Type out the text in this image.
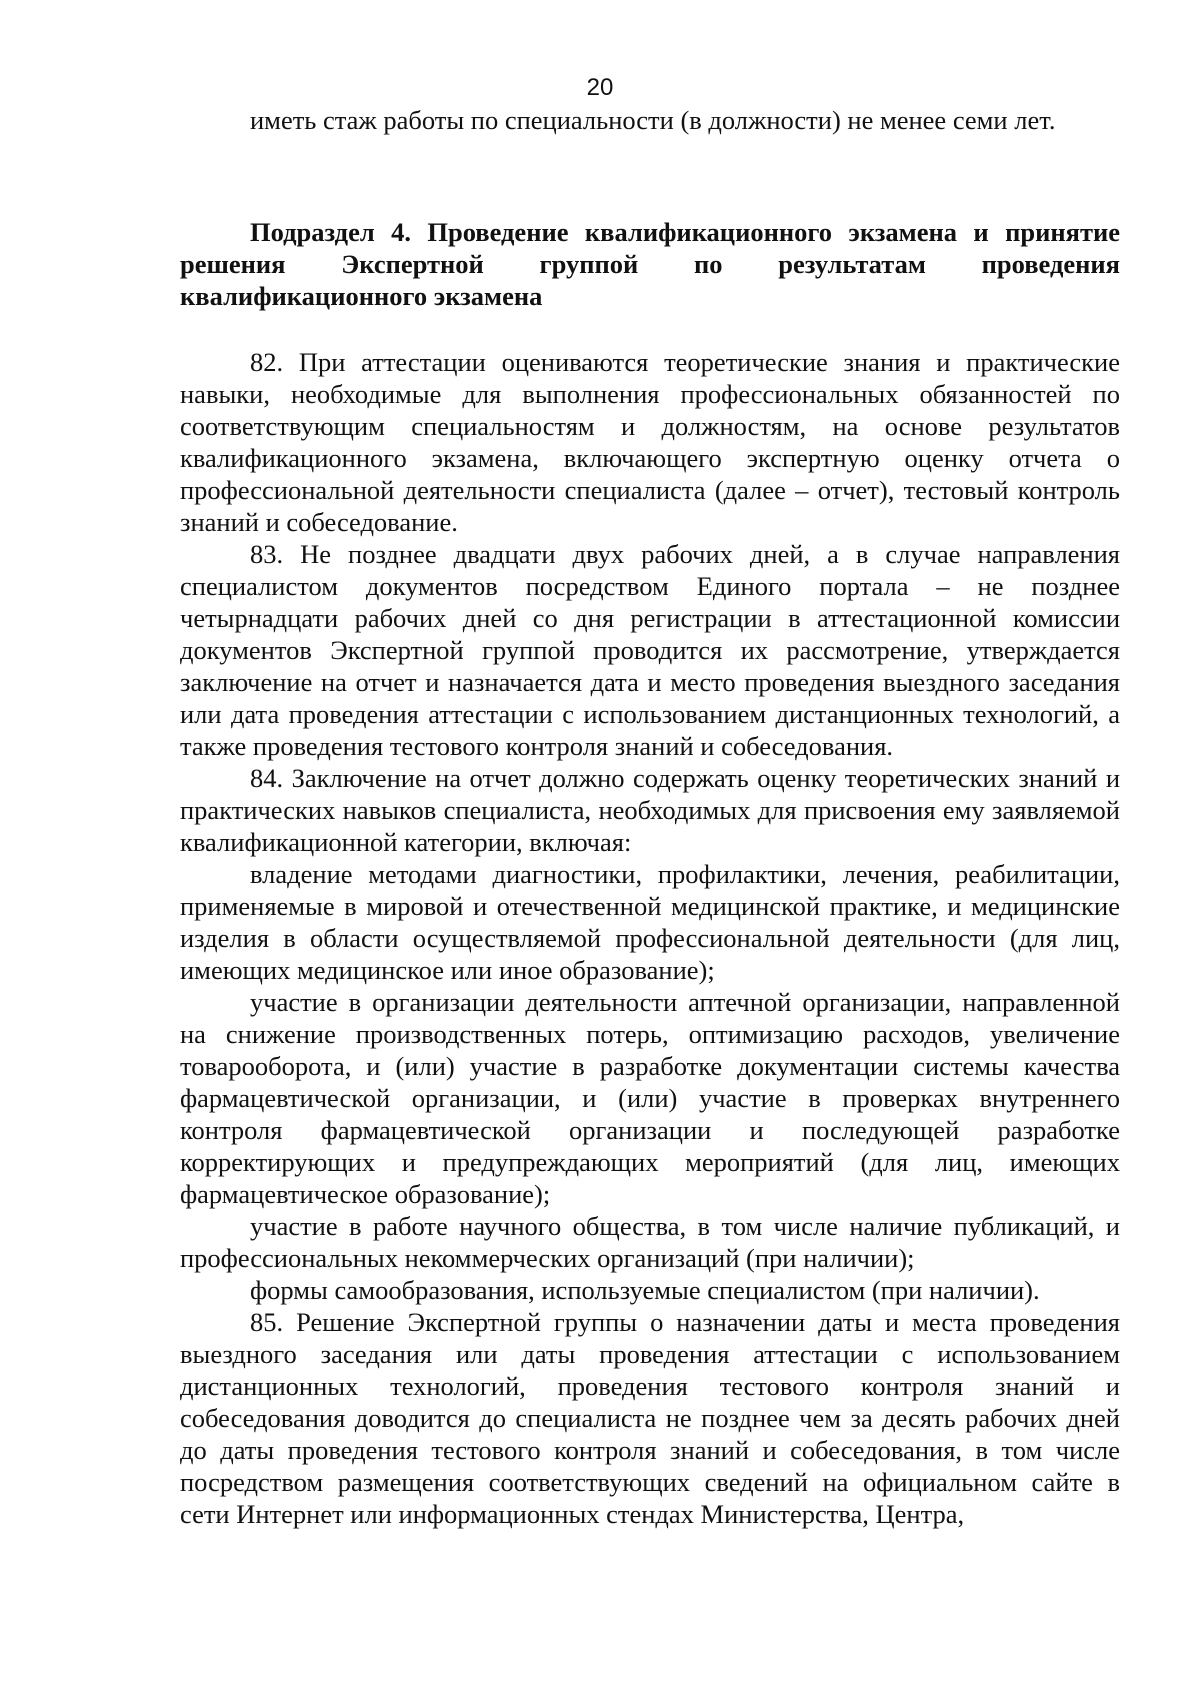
20

иметь стаж работы по специальности (в должности) не менее семи лет.

Подраздел 4. Проведение квалификационного экзамена и принятие решения Экспертной группой по результатам проведения квалификационного экзамена

82. При аттестации оцениваются теоретические знания и практические навыки, необходимые для выполнения профессиональных обязанностей по соответствующим специальностям и должностям, на основе результатов квалификационного экзамена, включающего экспертную оценку отчета о профессиональной деятельности специалиста (далее – отчет), тестовый контроль знаний и собеседование.

83. Не позднее двадцати двух рабочих дней, а в случае направления специалистом документов посредством Единого портала – не позднее четырнадцати рабочих дней со дня регистрации в аттестационной комиссии документов Экспертной группой проводится их рассмотрение, утверждается заключение на отчет и назначается дата и место проведения выездного заседания или дата проведения аттестации с использованием дистанционных технологий, а также проведения тестового контроля знаний и собеседования.

84. Заключение на отчет должно содержать оценку теоретических знаний и практических навыков специалиста, необходимых для присвоения ему заявляемой квалификационной категории, включая:

владение методами диагностики, профилактики, лечения, реабилитации, применяемые в мировой и отечественной медицинской практике, и медицинские изделия в области осуществляемой профессиональной деятельности (для лиц, имеющих медицинское или иное образование);

участие в организации деятельности аптечной организации, направленной на снижение производственных потерь, оптимизацию расходов, увеличение товарооборота, и (или) участие в разработке документации системы качества фармацевтической организации, и (или) участие в проверках внутреннего контроля фармацевтической организации и последующей разработке корректирующих и предупреждающих мероприятий (для лиц, имеющих фармацевтическое образование);

участие в работе научного общества, в том числе наличие публикаций, и профессиональных некоммерческих организаций (при наличии);

формы самообразования, используемые специалистом (при наличии).

85. Решение Экспертной группы о назначении даты и места проведения выездного заседания или даты проведения аттестации с использованием дистанционных технологий, проведения тестового контроля знаний и собеседования доводится до специалиста не позднее чем за десять рабочих дней до даты проведения тестового контроля знаний и собеседования, в том числе посредством размещения соответствующих сведений на официальном сайте в сети Интернет или информационных стендах Министерства, Центра,
